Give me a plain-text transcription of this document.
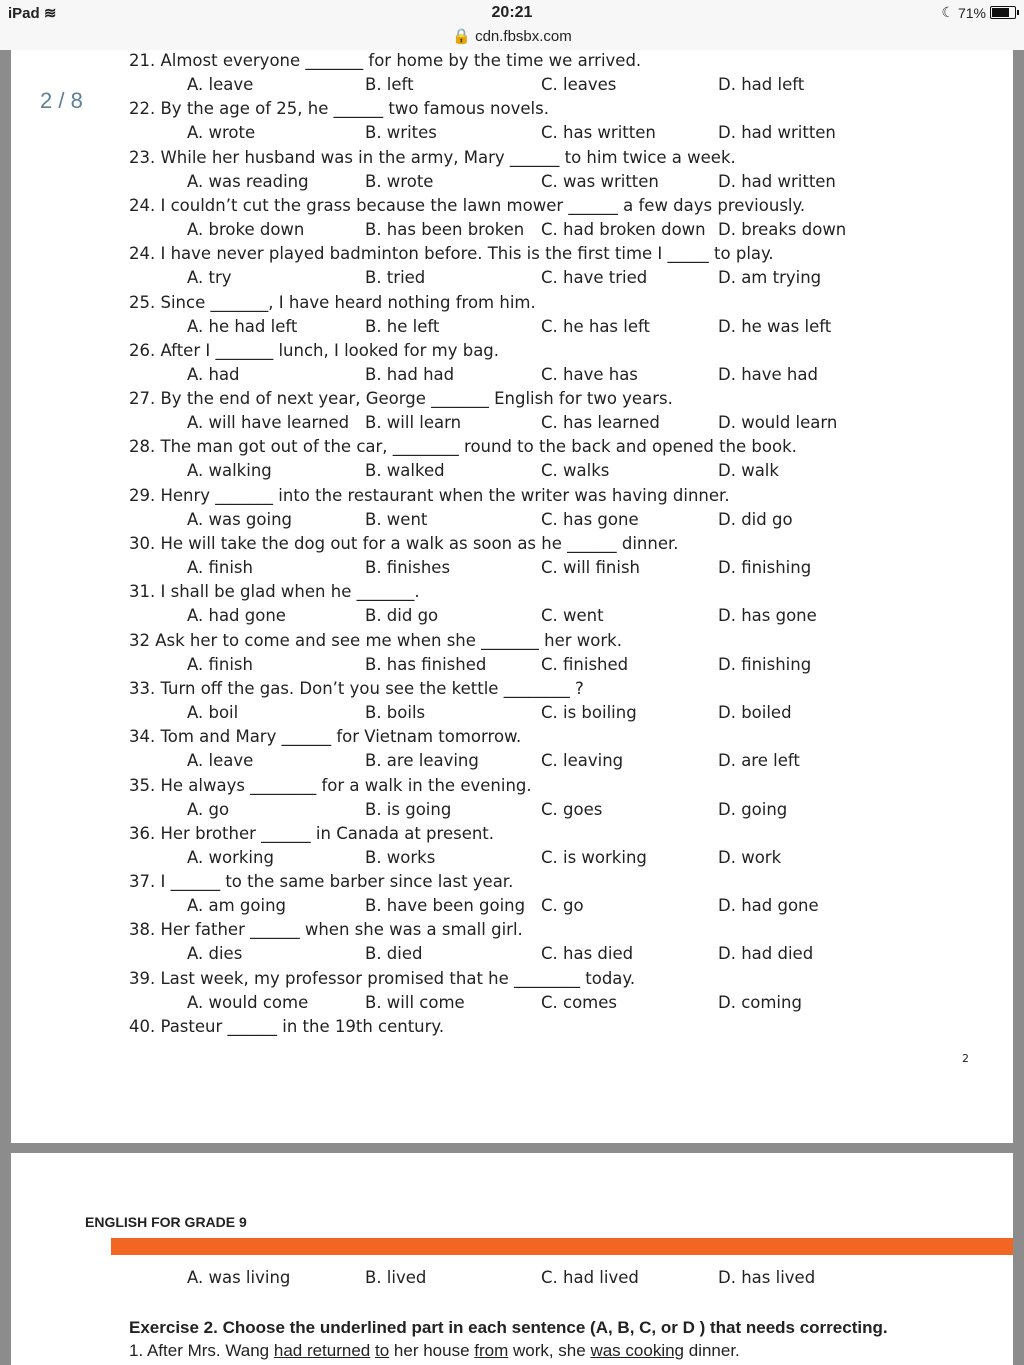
iPad ≋	20:21
🔒 cdn.fbsbx.com
☾ 71%
2 / 8
21. Almost everyone _______ for home by the time we arrived.
A. leave	B. left	C. leaves	D. had left
22. By the age of 25, he ______ two famous novels.
A. wrote	B. writes	C. has written	D. had written
23. While her husband was in the army, Mary ______ to him twice a week.
A. was reading	B. wrote	C. was written	D. had written
24. I couldn’t cut the grass because the lawn mower ______ a few days previously.
A. broke down	B. has been broken C. had broken down D. breaks down
24. I have never played badminton before. This is the first time I _____ to play.
A. try	B. tried	C. have tried	D. am trying
25. Since _______, I have heard nothing from him.
A. he had left	B. he left	C. he has left	D. he was left
26. After I _______ lunch, I looked for my bag.
A. had	B. had had	C. have has	D. have had
27. By the end of next year, George _______ English for two years.
A. will have learned B. will learn	C. has learned	D. would learn
28. The man got out of the car, ________ round to the back and opened the book.
A. walking	B. walked	C. walks	D. walk
29. Henry _______ into the restaurant when the writer was having dinner.
A. was going	B. went	C. has gone	D. did go
30. He will take the dog out for a walk as soon as he ______ dinner.
A. finish	B. finishes	C. will finish	D. finishing
31. I shall be glad when he _______.
A. had gone	B. did go	C. went	D. has gone
32 Ask her to come and see me when she _______ her work.
A. finish	B. has finished	C. finished	D. finishing
33. Turn off the gas. Don’t you see the kettle ________ ?
A. boil	B. boils	C. is boiling	D. boiled
34. Tom and Mary ______ for Vietnam tomorrow.
A. leave	B. are leaving	C. leaving	D. are left
35. He always ________ for a walk in the evening.
A. go	B. is going	C. goes	D. going
36. Her brother ______ in Canada at present.
A. working	B. works	C. is working	D. work
37. I ______ to the same barber since last year.
A. am going	B. have been going C. go	D. had gone
38. Her father ______ when she was a small girl.
A. dies	B. died	C. has died	D. had died
39. Last week, my professor promised that he ________ today.
A. would come	B. will come	C. comes	D. coming
40. Pasteur ______ in the 19th century.
2
ENGLISH FOR GRADE 9
A. was living	B. lived	C. had lived	D. has lived
Exercise 2. Choose the underlined part in each sentence (A, B, C, or D ) that needs correcting.
1. After Mrs. Wang had returned to her house from work, she was cooking dinner.
